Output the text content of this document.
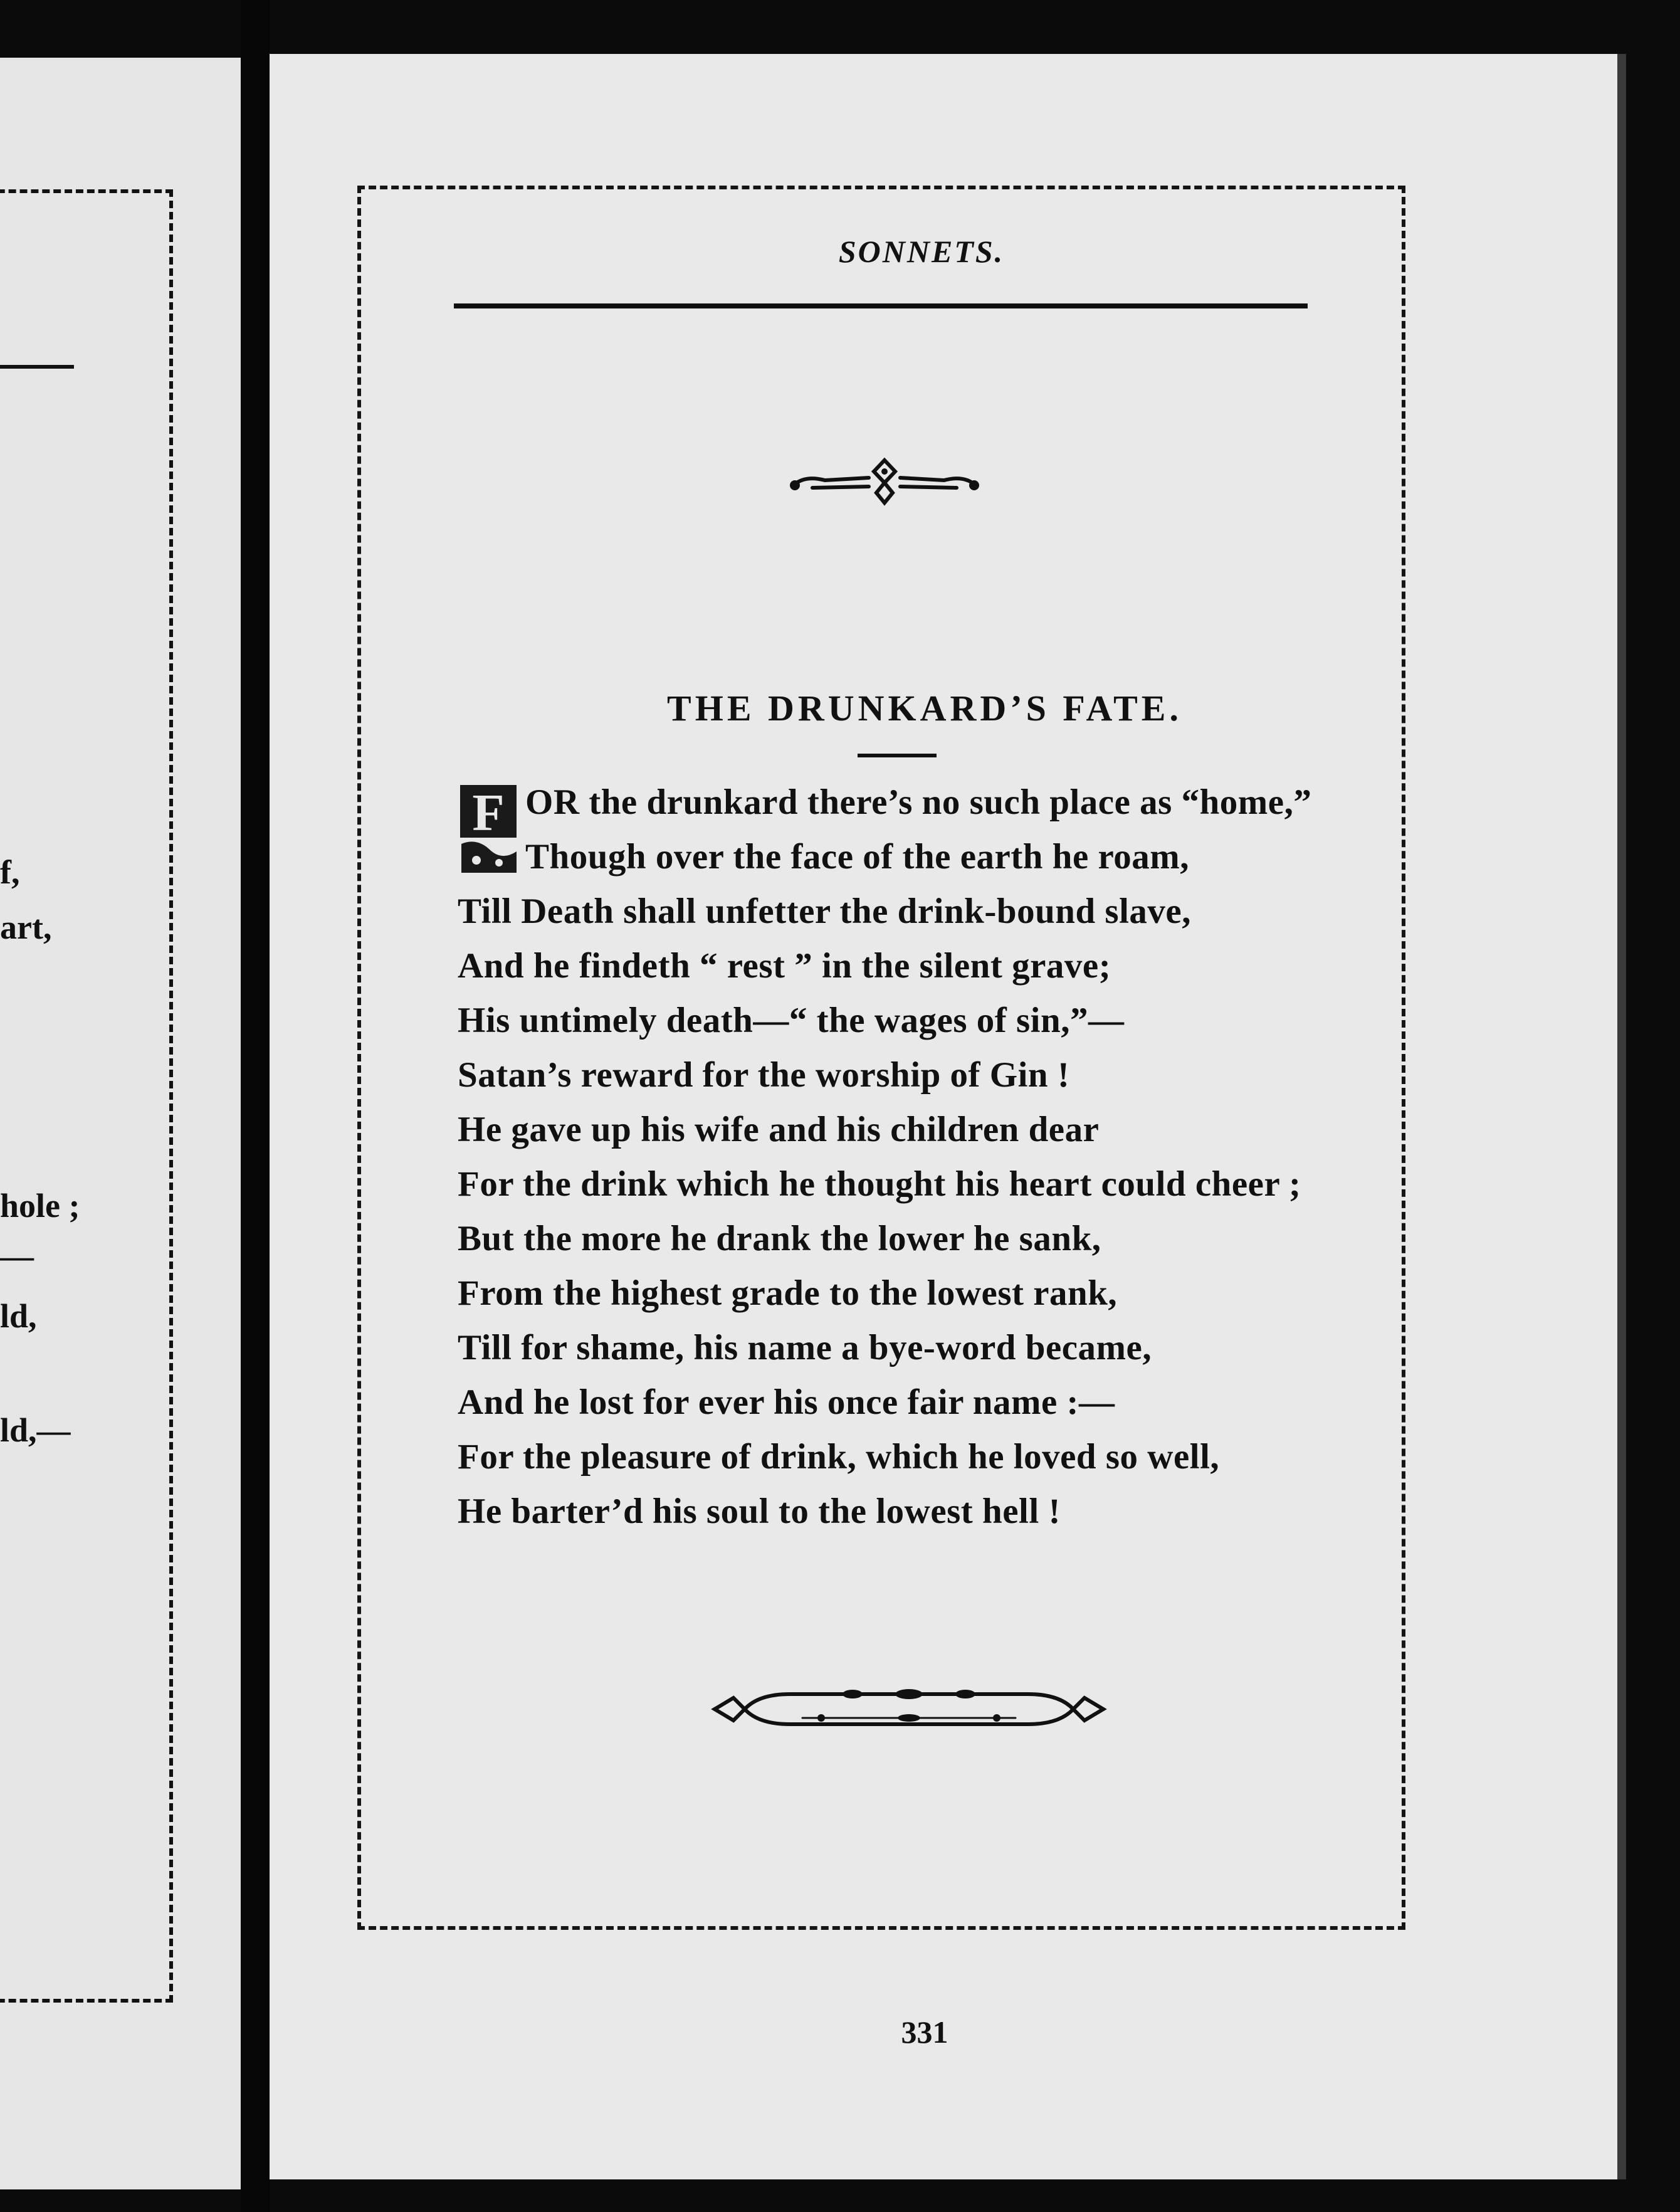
f,
art,
hole ;
—
ld,
ld,—
SONNETS.
THE DRUNKARD’S FATE.
F OR the drunkard there’s no such place as “home,”
Though over the face of the earth he roam,
Till Death shall unfetter the drink-bound slave,
And he findeth “ rest ” in the silent grave;
His untimely death—“ the wages of sin,”—
Satan’s reward for the worship of Gin !
He gave up his wife and his children dear
For the drink which he thought his heart could cheer ;
But the more he drank the lower he sank,
From the highest grade to the lowest rank,
Till for shame, his name a bye-word became,
And he lost for ever his once fair name :—
For the pleasure of drink, which he loved so well,
He barter’d his soul to the lowest hell !
331
